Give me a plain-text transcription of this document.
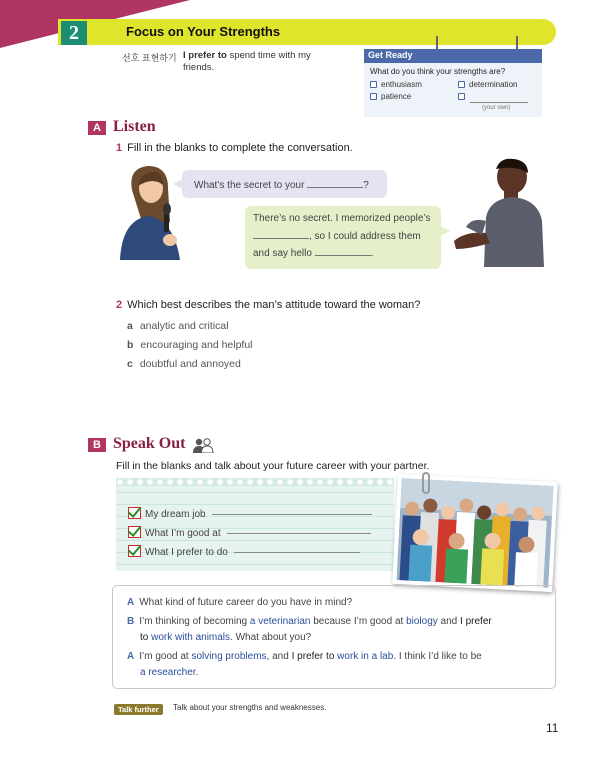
2	Focus on Your Strengths
선호 표현하기 I prefer to spend time with my friends.
Get Ready
What do you think your strengths are?
enthusiasm	determination
patience
(your own)
A Listen
1 Fill in the blanks to complete the conversation.
What’s the secret to your	?
There’s no secret. I memorized people’s
, so I could address them
and say hello	.
2 Which best describes the man’s attitude toward the woman?
a analytic and critical
b encouraging and helpful
c doubtful and annoyed
B Speak Out
Fill in the blanks and talk about your future career with your partner.
My dream job
What I’m good at
What I prefer to do
A What kind of future career do you have in mind?
B I’m thinking of becoming a veterinarian because I’m good at biology and I prefer
to work with animals. What about you?
A I’m good at solving problems, and I prefer to work in a lab. I think I’d like to be
a researcher.
Talk further	Talk about your strengths and weaknesses.
11
